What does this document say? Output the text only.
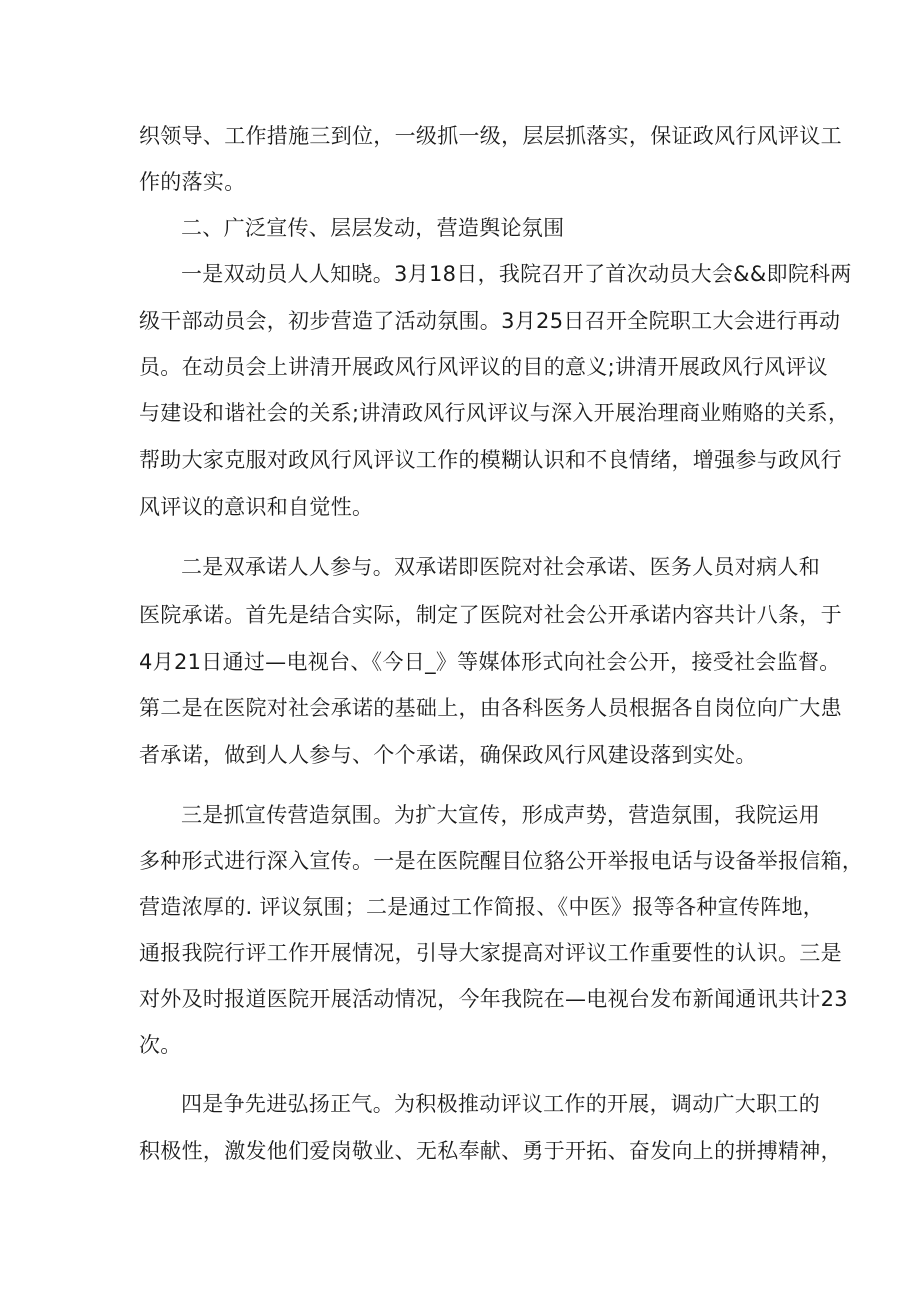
织领导、工作措施三到位，一级抓一级，层层抓落实，保证政风行风评议工
作的落实。
二、广泛宣传、层层发动，营造舆论氛围
一是双动员人人知晓。3月18日，我院召开了首次动员大会&&即院科两
级干部动员会，初步营造了活动氛围。3月25日召开全院职工大会进行再动
员。在动员会上讲清开展政风行风评议的目的意义;讲清开展政风行风评议
与建设和谐社会的关系;讲清政风行风评议与深入开展治理商业贿赂的关系，
帮助大家克服对政风行风评议工作的模糊认识和不良情绪，增强参与政风行
风评议的意识和自觉性。
二是双承诺人人参与。双承诺即医院对社会承诺、医务人员对病人和
医院承诺。首先是结合实际，制定了医院对社会公开承诺内容共计八条，于
4月21日通过—电视台、《今日_》等媒体形式向社会公开，接受社会监督。
第二是在医院对社会承诺的基础上，由各科医务人员根据各自岗位向广大患
者承诺，做到人人参与、个个承诺，确保政风行风建设落到实处。
三是抓宣传营造氛围。为扩大宣传，形成声势，营造氛围，我院运用
多种形式进行深入宣传。一是在医院醒目位貉公开举报电话与设备举报信箱，
营造浓厚的. 评议氛围；二是通过工作简报、《中医》报等各种宣传阵地，
通报我院行评工作开展情况，引导大家提高对评议工作重要性的认识。三是
对外及时报道医院开展活动情况，今年我院在—电视台发布新闻通讯共计23
次。
四是争先进弘扬正气。为积极推动评议工作的开展，调动广大职工的
积极性，激发他们爱岗敬业、无私奉献、勇于开拓、奋发向上的拼搏精神，
